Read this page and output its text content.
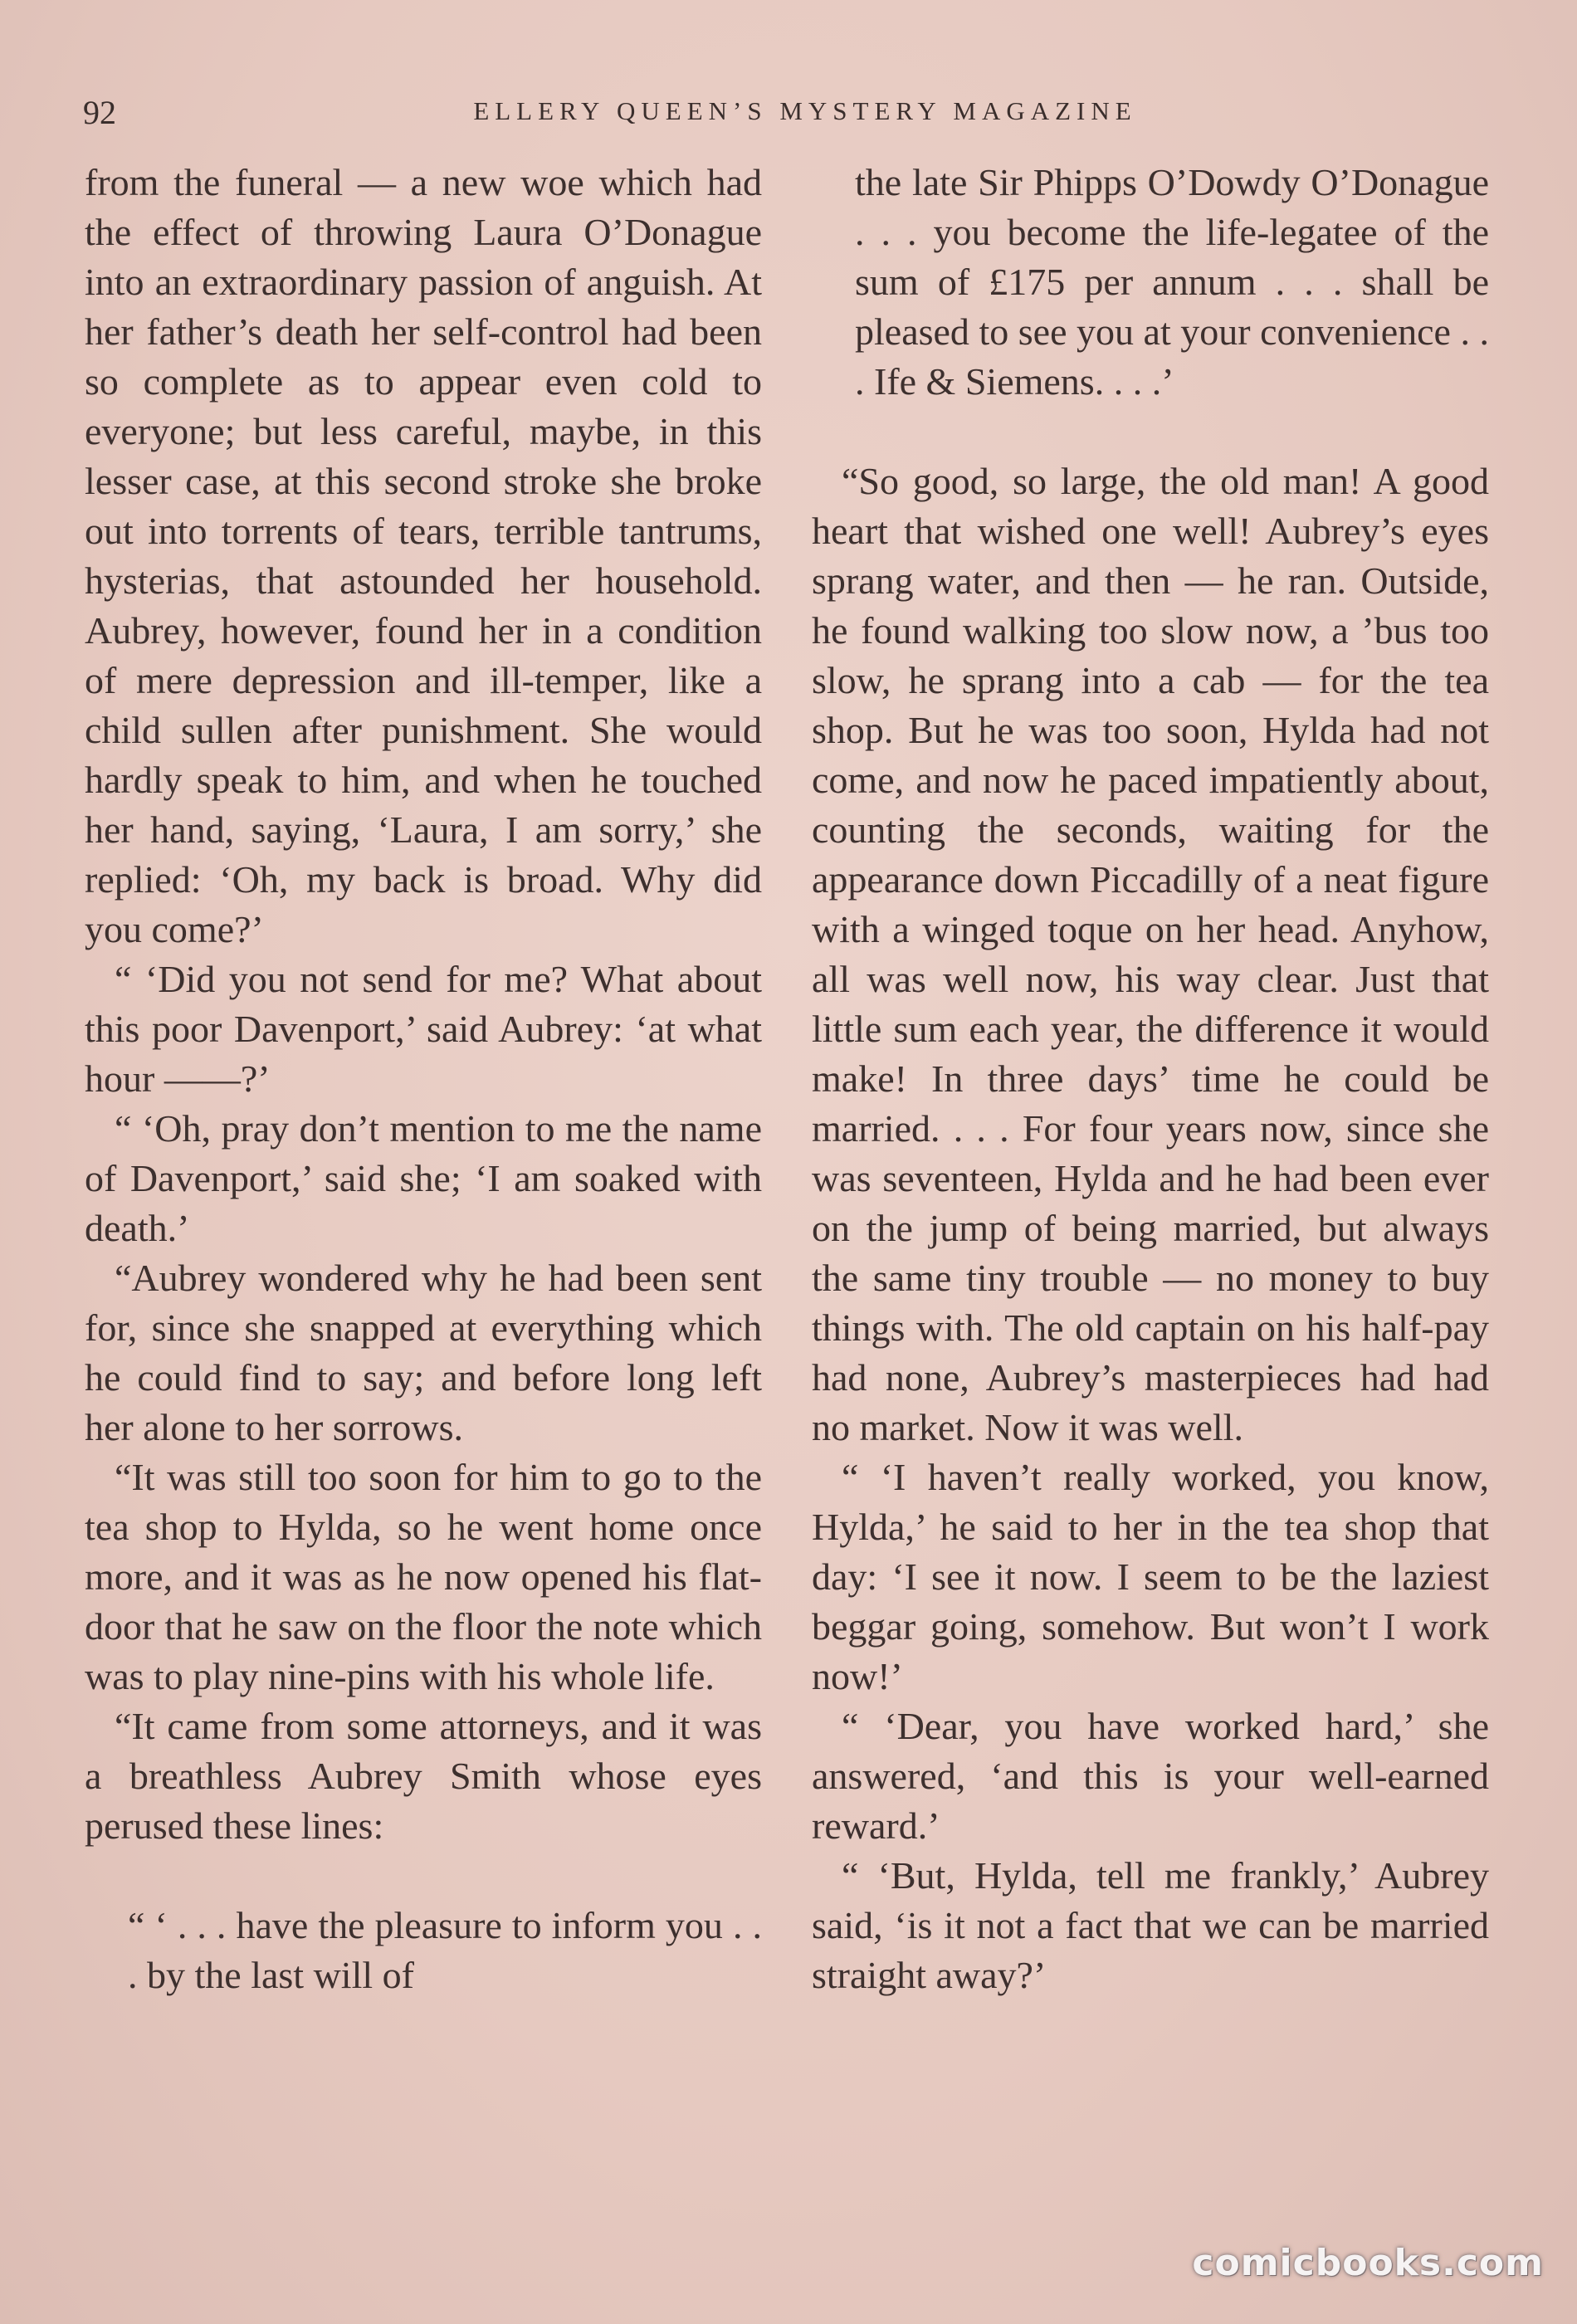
92	ELLERY QUEEN’S MYSTERY MAGAZINE

from the funeral — a new woe which had the effect of throwing Laura O’Donague into an extraordinary passion of anguish. At her father’s death her self-control had been so complete as to appear even cold to everyone; but less careful, maybe, in this lesser case, at this second stroke she broke out into torrents of tears, terrible tantrums, hysterias, that astounded her household. Aubrey, however, found her in a condition of mere depression and ill-temper, like a child sullen after punishment. She would hardly speak to him, and when he touched her hand, saying, ‘Laura, I am sorry,’ she replied: ‘Oh, my back is broad. Why did you come?’

“ ‘Did you not send for me? What about this poor Davenport,’ said Aubrey: ‘at what hour ——?’

“ ‘Oh, pray don’t mention to me the name of Davenport,’ said she; ‘I am soaked with death.’

“Aubrey wondered why he had been sent for, since she snapped at everything which he could find to say; and before long left her alone to her sorrows.

“It was still too soon for him to go to the tea shop to Hylda, so he went home once more, and it was as he now opened his flat-door that he saw on the floor the note which was to play nine-pins with his whole life.

“It came from some attorneys, and it was a breathless Aubrey Smith whose eyes perused these lines:

“ ‘ . . . have the pleasure to inform you . . . by the last will of

the late Sir Phipps O’Dowdy O’Donague . . . you become the life-legatee of the sum of £175 per annum . . . shall be pleased to see you at your convenience . . . Ife & Siemens. . . .’

“So good, so large, the old man! A good heart that wished one well! Aubrey’s eyes sprang water, and then — he ran. Outside, he found walking too slow now, a ’bus too slow, he sprang into a cab — for the tea shop. But he was too soon, Hylda had not come, and now he paced impatiently about, counting the seconds, waiting for the appearance down Piccadilly of a neat figure with a winged toque on her head. Anyhow, all was well now, his way clear. Just that little sum each year, the difference it would make! In three days’ time he could be married. . . . For four years now, since she was seventeen, Hylda and he had been ever on the jump of being married, but always the same tiny trouble — no money to buy things with. The old captain on his half-pay had none, Aubrey’s masterpieces had had no market. Now it was well.

“ ‘I haven’t really worked, you know, Hylda,’ he said to her in the tea shop that day: ‘I see it now. I seem to be the laziest beggar going, somehow. But won’t I work now!’

“ ‘Dear, you have worked hard,’ she answered, ‘and this is your well-earned reward.’

“ ‘But, Hylda, tell me frankly,’ Aubrey said, ‘is it not a fact that we can be married straight away?’

comicbooks.com
